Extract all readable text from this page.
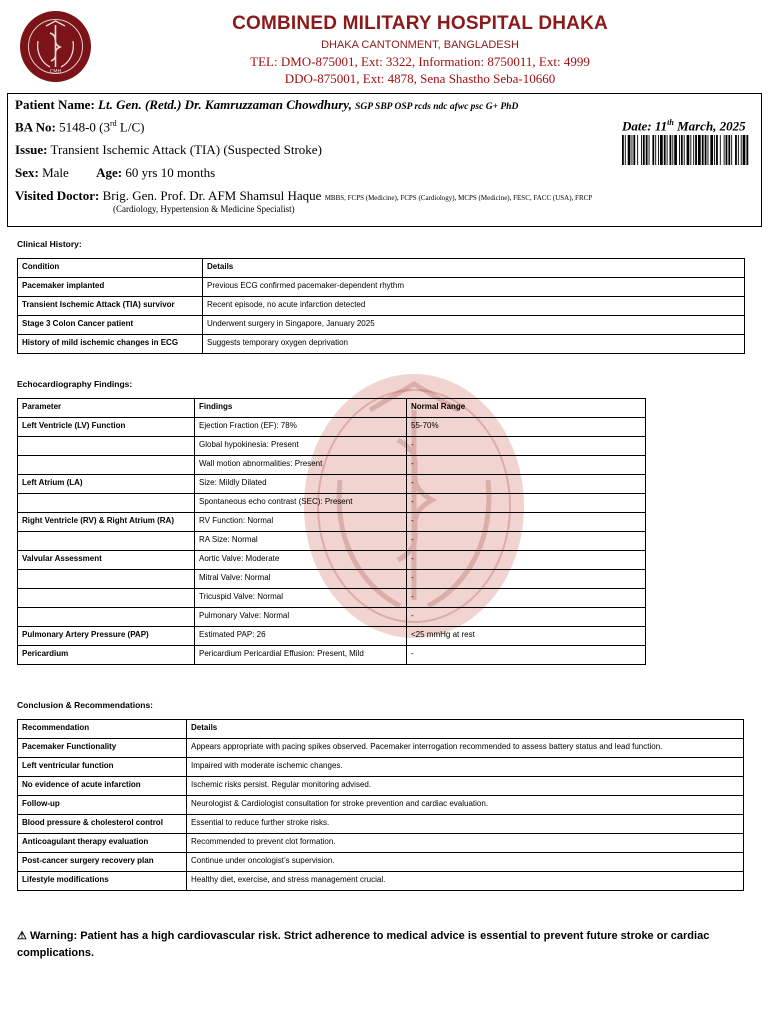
CMH
COMBINED MILITARY HOSPITAL DHAKA
DHAKA CANTONMENT, BANGLADESH
TEL: DMO-875001, Ext: 3322, Information: 8750011, Ext: 4999
DDO-875001, Ext: 4878, Sena Shastho Seba-10660
Patient Name: Lt. Gen. (Retd.) Dr. Kamruzzaman Chowdhury, SGP SBP OSP rcds ndc afwc psc G+ PhD
BA No: 5148-0 (3rd L/C)
Issue: Transient Ischemic Attack (TIA) (Suspected Stroke)
Sex: Male Age: 60 yrs 10 months
Visited Doctor: Brig. Gen. Prof. Dr. AFM Shamsul Haque MBBS, FCPS (Medicine), FCPS (Cardiology), MCPS (Medicine), FESC, FACC (USA), FRCP
(Cardiology, Hypertension & Medicine Specialist)
Date: 11th March, 2025
Clinical History:
Condition	Details
Pacemaker implanted	Previous ECG confirmed pacemaker-dependent rhythm
Transient Ischemic Attack (TIA) survivor	Recent episode, no acute infarction detected
Stage 3 Colon Cancer patient	Underwent surgery in Singapore, January 2025
History of mild ischemic changes in ECG	Suggests temporary oxygen deprivation
Echocardiography Findings:
Parameter	Findings	Normal Range
Left Ventricle (LV) Function	Ejection Fraction (EF): 78%	55-70%
	Global hypokinesia: Present	-
	Wall motion abnormalities: Present	-
Left Atrium (LA)	Size: Mildly Dilated	-
	Spontaneous echo contrast (SEC): Present	-
Right Ventricle (RV) & Right Atrium (RA)	RV Function: Normal	-
	RA Size: Normal	-
Valvular Assessment	Aortic Valve: Moderate	-
	Mitral Valve: Normal	-
	Tricuspid Valve: Normal	-
	Pulmonary Valve: Normal	-
Pulmonary Artery Pressure (PAP)	Estimated PAP: 26	<25 mmHg at rest
Pericardium	Pericardium Pericardial Effusion: Present, Mild	-
Conclusion & Recommendations:
Recommendation	Details
Pacemaker Functionality	Appears appropriate with pacing spikes observed. Pacemaker interrogation recommended to assess battery status and lead function.
Left ventricular function	Impaired with moderate ischemic changes.
No evidence of acute infarction	Ischemic risks persist. Regular monitoring advised.
Follow-up	Neurologist & Cardiologist consultation for stroke prevention and cardiac evaluation.
Blood pressure & cholesterol control	Essential to reduce further stroke risks.
Anticoagulant therapy evaluation	Recommended to prevent clot formation.
Post-cancer surgery recovery plan	Continue under oncologist’s supervision.
Lifestyle modifications	Healthy diet, exercise, and stress management crucial.
⚠ Warning: Patient has a high cardiovascular risk. Strict adherence to medical advice is essential to prevent future stroke or cardiac complications.
